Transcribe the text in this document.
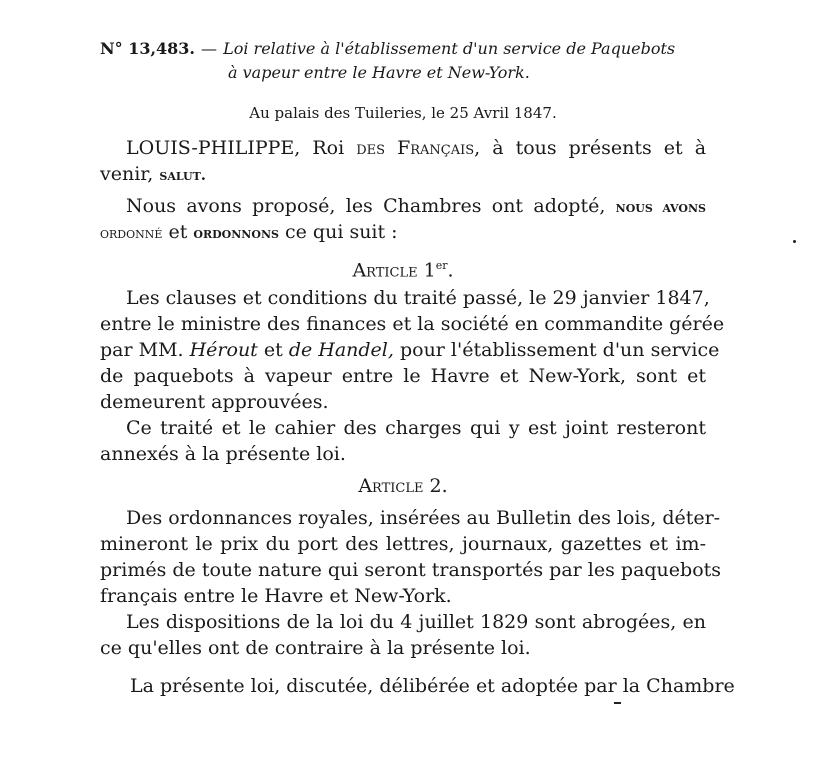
N° 13,483. — Loi relative à l'établissement d'un service de Paquebots
à vapeur entre le Havre et New-York.
Au palais des Tuileries, le 25 Avril 1847.
LOUIS-PHILIPPE, Roi des Français, à tous présents et à
venir, salut.
Nous avons proposé, les Chambres ont adopté, nous avons
ordonné et ordonnons ce qui suit :
Article 1er.
Les clauses et conditions du traité passé, le 29 janvier 1847,
entre le ministre des finances et la société en commandite gérée
par MM. Hérout et de Handel, pour l'établissement d'un service
de paquebots à vapeur entre le Havre et New-York, sont et
demeurent approuvées.
Ce traité et le cahier des charges qui y est joint resteront
annexés à la présente loi.
Article 2.
Des ordonnances royales, insérées au Bulletin des lois, déter-
mineront le prix du port des lettres, journaux, gazettes et im-
primés de toute nature qui seront transportés par les paquebots
français entre le Havre et New-York.
Les dispositions de la loi du 4 juillet 1829 sont abrogées, en
ce qu'elles ont de contraire à la présente loi.
La présente loi, discutée, délibérée et adoptée par la Chambre
